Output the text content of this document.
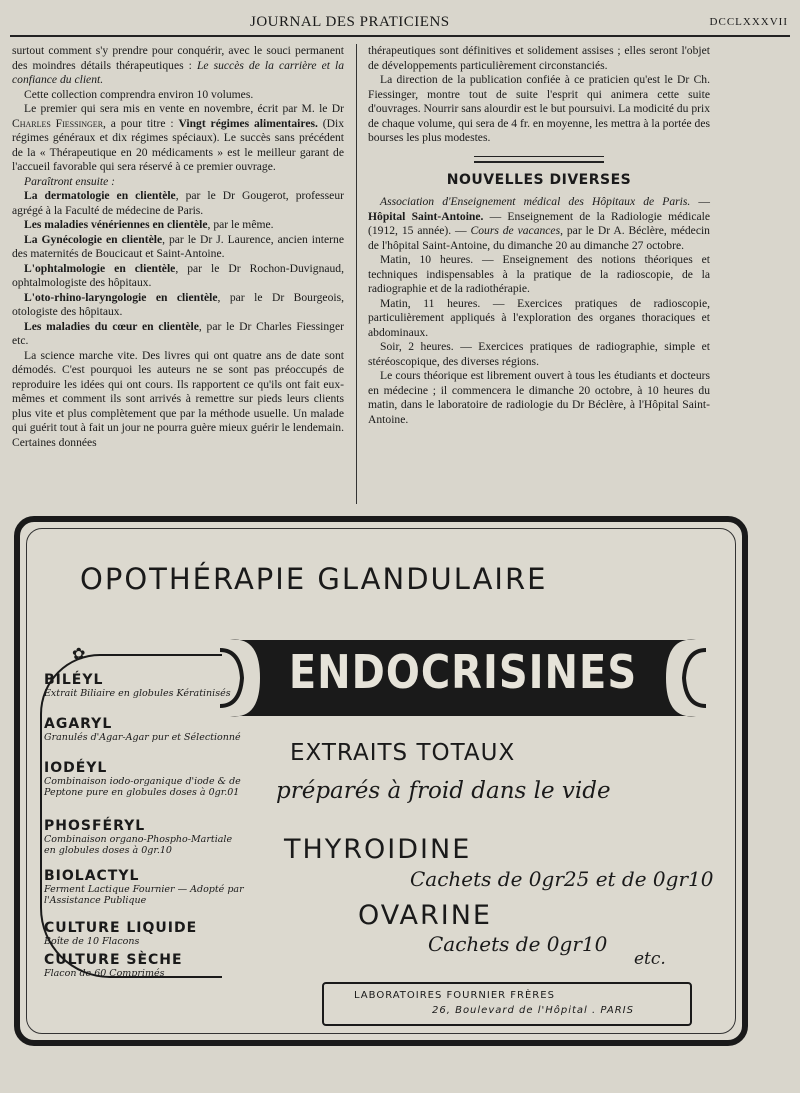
JOURNAL DES PRATICIENS	DCCLXXXVII

surtout comment s'y prendre pour conquérir, avec le souci permanent des moindres détails thérapeutiques : Le succès de la carrière et la confiance du client.

Cette collection comprendra environ 10 volumes.

Le premier qui sera mis en vente en novembre, écrit par M. le Dr Charles Fiessinger, a pour titre : Vingt régimes alimentaires. (Dix régimes généraux et dix régimes spéciaux). Le succès sans précédent de la « Thérapeutique en 20 médicaments » est le meilleur garant de l'accueil favorable qui sera réservé à ce premier ouvrage.

Paraîtront ensuite :

La dermatologie en clientèle, par le Dr Gougerot, professeur agrégé à la Faculté de médecine de Paris.

Les maladies vénériennes en clientèle, par le même.

La Gynécologie en clientèle, par le Dr J. Laurence, ancien interne des maternités de Boucicaut et Saint-Antoine.

L'ophtalmologie en clientèle, par le Dr Rochon-Duvignaud, ophtalmologiste des hôpitaux.

L'oto-rhino-laryngologie en clientèle, par le Dr Bourgeois, otologiste des hôpitaux.

Les maladies du cœur en clientèle, par le Dr Charles Fiessinger etc.

La science marche vite. Des livres qui ont quatre ans de date sont démodés. C'est pourquoi les auteurs ne se sont pas préoccupés de reproduire les idées qui ont cours. Ils rapportent ce qu'ils ont fait eux-mêmes et comment ils sont arrivés à remettre sur pieds leurs clients plus vite et plus complètement que par la méthode usuelle. Un malade qui guérit tout à fait un jour ne pourra guère mieux guérir le lendemain. Certaines données

thérapeutiques sont définitives et solidement assises ; elles seront l'objet de développements particulièrement circonstanciés.

La direction de la publication confiée à ce praticien qu'est le Dr Ch. Fiessinger, montre tout de suite l'esprit qui animera cette suite d'ouvrages. Nourrir sans alourdir est le but poursuivi. La modicité du prix de chaque volume, qui sera de 4 fr. en moyenne, les mettra à la portée des bourses les plus modestes.

NOUVELLES DIVERSES

Association d'Enseignement médical des Hôpitaux de Paris. — Hôpital Saint-Antoine. — Enseignement de la Radiologie médicale (1912, 15 année). — Cours de vacances, par le Dr A. Béclère, médecin de l'hôpital Saint-Antoine, du dimanche 20 au dimanche 27 octobre.

Matin, 10 heures. — Enseignement des notions théoriques et techniques indispensables à la pratique de la radioscopie, de la radiographie et de la radiothérapie.

Matin, 11 heures. — Exercices pratiques de radioscopie, particulièrement appliqués à l'exploration des organes thoraciques et abdominaux.

Soir, 2 heures. — Exercices pratiques de radiographie, simple et stéréoscopique, des diverses régions.

Le cours théorique est librement ouvert à tous les étudiants et docteurs en médecine ; il commencera le dimanche 20 octobre, à 10 heures du matin, dans le laboratoire de radiologie du Dr Béclère, à l'Hôpital Saint-Antoine.

OPOTHÉRAPIE GLANDULAIRE
ENDOCRISINES
✿
BILÉYL
Extrait Biliaire en globules Kératinisés
AGARYL
Granulés d'Agar-Agar pur et Sélectionné
IODÉYL
Combinaison iodo-organique d'iode & de Peptone pure en globules doses à 0gr.01
PHOSFÉRYL
Combinaison organo-Phospho-Martiale en globules doses à 0gr.10
BIOLACTYL
Ferment Lactique Fournier — Adopté par l'Assistance Publique
CULTURE LIQUIDE
Boîte de 10 Flacons
CULTURE SÈCHE
Flacon de 60 Comprimés
EXTRAITS TOTAUX
préparés à froid dans le vide
THYROIDINE
Cachets de 0gr25 et de 0gr10
OVARINE
Cachets de 0gr10
etc.
LABORATOIRES FOURNIER FRÈRES
26, Boulevard de l'Hôpital . PARIS
